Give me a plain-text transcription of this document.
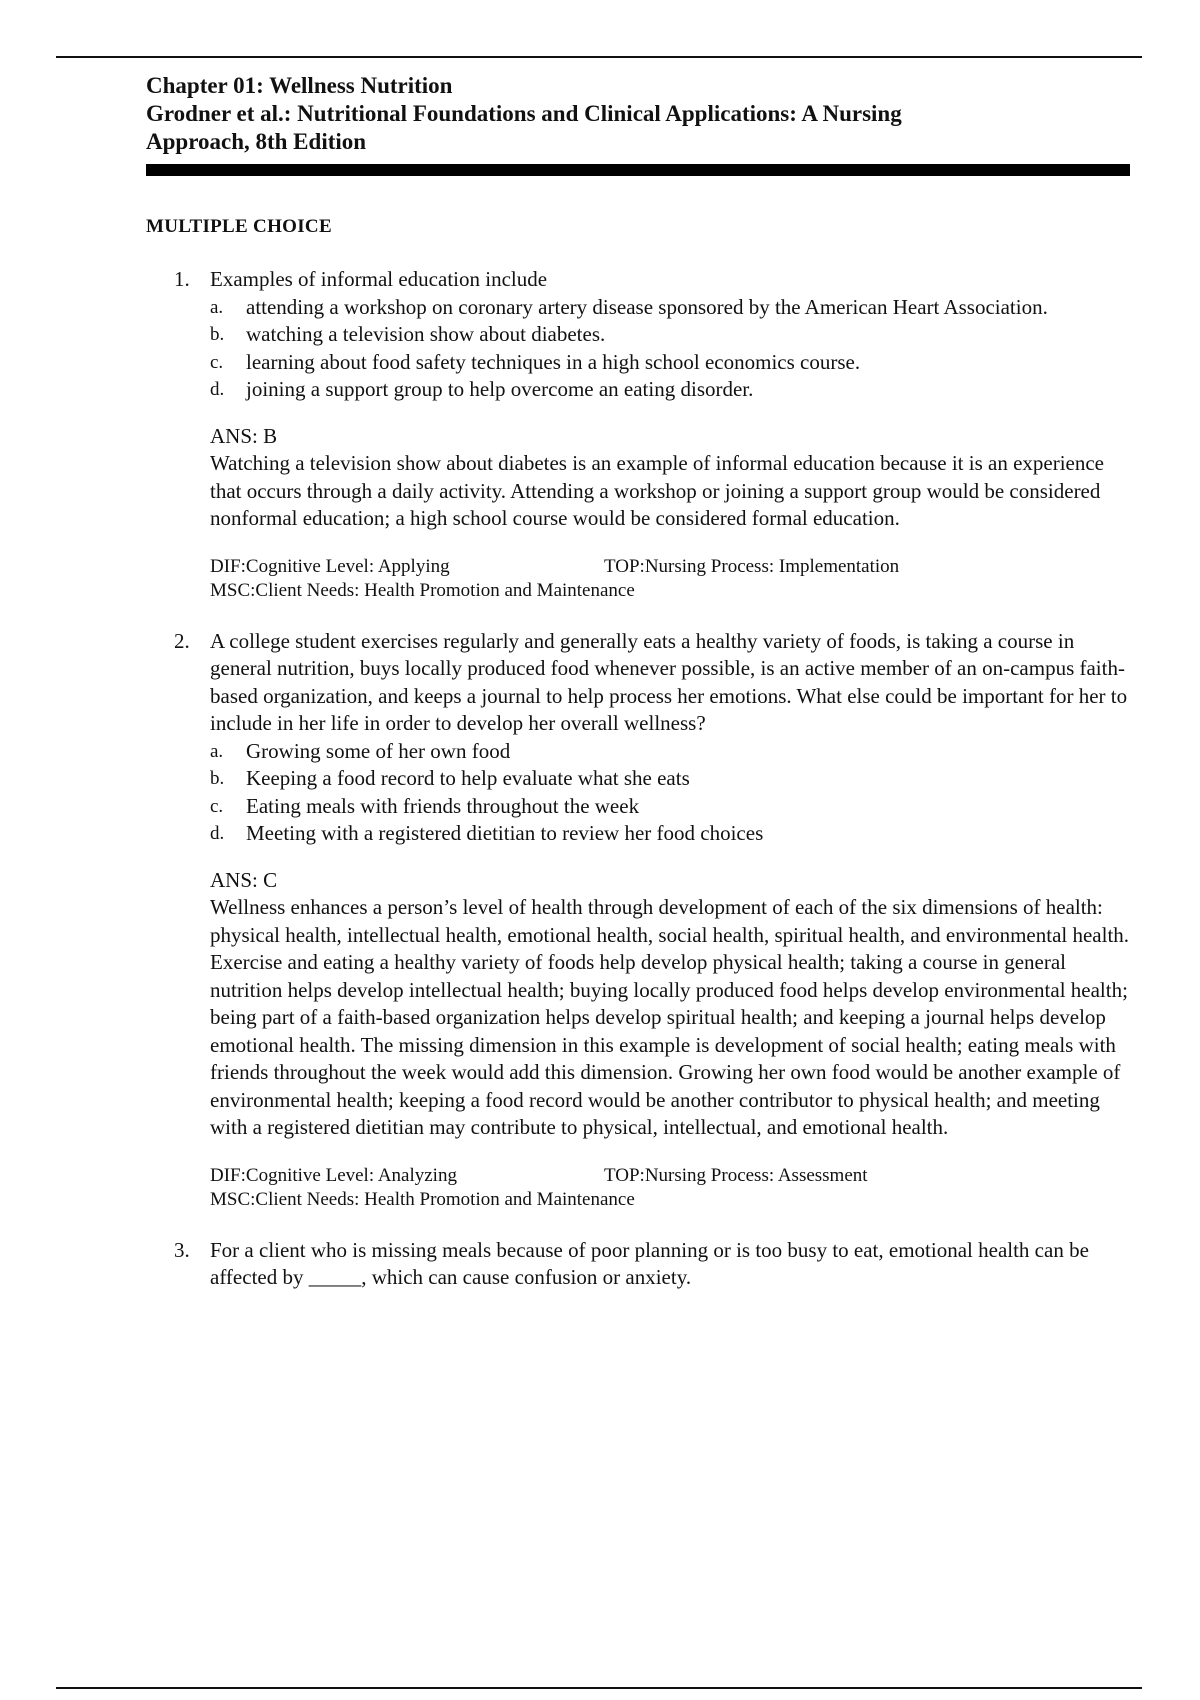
Chapter 01: Wellness Nutrition
Grodner et al.: Nutritional Foundations and Clinical Applications: A Nursing
Approach, 8th Edition
MULTIPLE CHOICE
1. Examples of informal education include
a. attending a workshop on coronary artery disease sponsored by the American Heart Association.
b. watching a television show about diabetes.
c. learning about food safety techniques in a high school economics course.
d. joining a support group to help overcome an eating disorder.
ANS: B
Watching a television show about diabetes is an example of informal education because it is an experience that occurs through a daily activity. Attending a workshop or joining a support group would be considered nonformal education; a high school course would be considered formal education.
DIF:Cognitive Level: Applying	TOP:Nursing Process: Implementation
MSC:Client Needs: Health Promotion and Maintenance
2. A college student exercises regularly and generally eats a healthy variety of foods, is taking a course in general nutrition, buys locally produced food whenever possible, is an active member of an on-campus faith-based organization, and keeps a journal to help process her emotions. What else could be important for her to include in her life in order to develop her overall wellness?
a. Growing some of her own food
b. Keeping a food record to help evaluate what she eats
c. Eating meals with friends throughout the week
d. Meeting with a registered dietitian to review her food choices
ANS: C
Wellness enhances a person’s level of health through development of each of the six dimensions of health: physical health, intellectual health, emotional health, social health, spiritual health, and environmental health. Exercise and eating a healthy variety of foods help develop physical health; taking a course in general nutrition helps develop intellectual health; buying locally produced food helps develop environmental health; being part of a faith-based organization helps develop spiritual health; and keeping a journal helps develop emotional health. The missing dimension in this example is development of social health; eating meals with friends throughout the week would add this dimension. Growing her own food would be another example of environmental health; keeping a food record would be another contributor to physical health; and meeting with a registered dietitian may contribute to physical, intellectual, and emotional health.
DIF:Cognitive Level: Analyzing	TOP:Nursing Process: Assessment
MSC:Client Needs: Health Promotion and Maintenance
3. For a client who is missing meals because of poor planning or is too busy to eat, emotional health can be affected by _____, which can cause confusion or anxiety.
